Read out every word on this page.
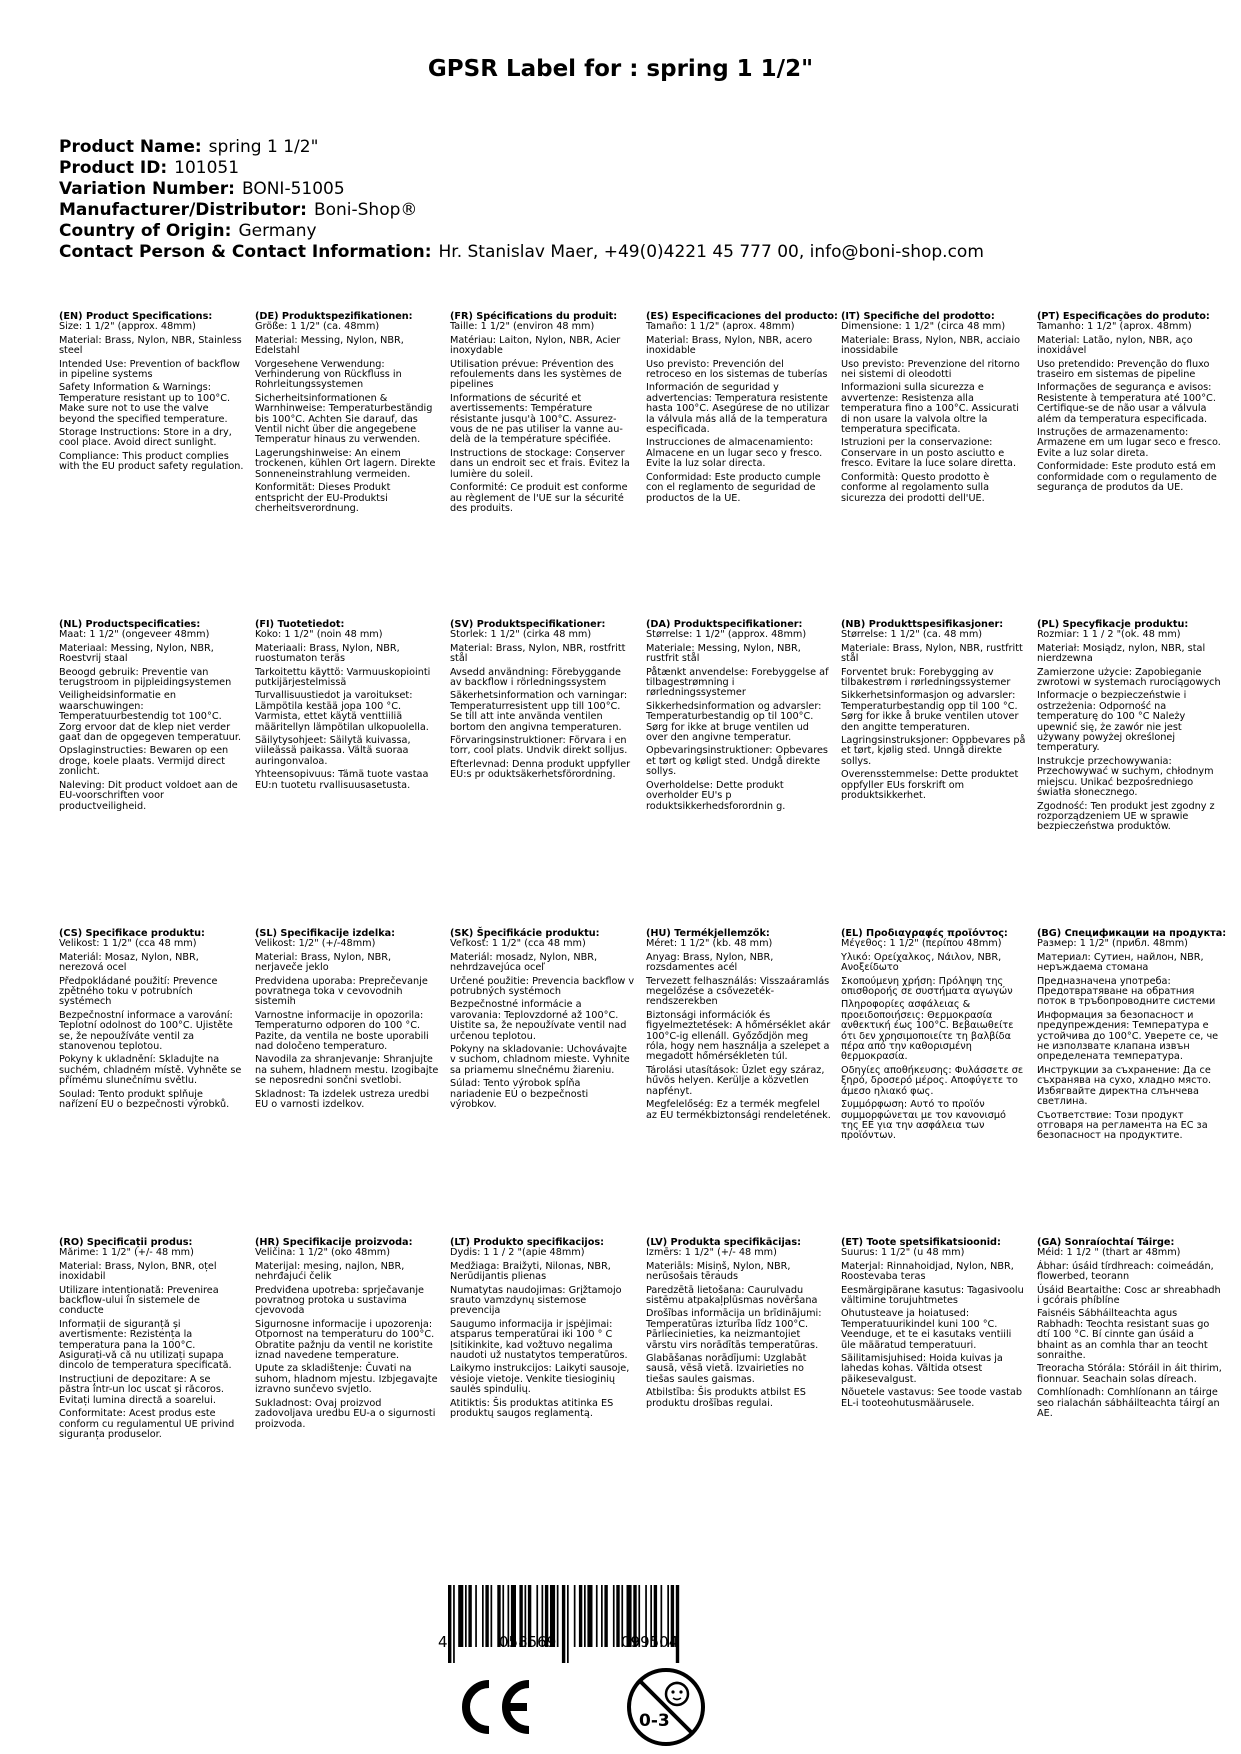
GPSR Label for : spring 1 1/2"
Product Name: spring 1 1/2"
Product ID: 101051
Variation Number: BONI-51005
Manufacturer/Distributor: Boni-Shop®
Country of Origin: Germany
Contact Person & Contact Information: Hr. Stanislav Maer, +49(0)4221 45 777 00, info@boni-shop.com
(EN) Product Specifications:
Size: 1 1/2" (approx. 48mm)
Material: Brass, Nylon, NBR, Stainless steel
Intended Use: Prevention of backflow in pipeline systems
Safety Information & Warnings: Temperature resistant up to 100°C. Make sure not to use the valve beyond the specified temperature.
Storage Instructions: Store in a dry, cool place. Avoid direct sunlight.
Compliance: This product complies with the EU product safety regulation.
(DE) Produktspezifikationen:
Größe: 1 1/2" (ca. 48mm)
Material: Messing, Nylon, NBR, Edelstahl
Vorgesehene Verwendung: Verhinderung von Rückfluss in Rohrleitungssystemen
Sicherheitsinformationen & Warnhinweise: Temperaturbeständig bis 100°C. Achten Sie darauf, das Ventil nicht über die angegebene Temperatur hinaus zu verwenden.
Lagerungshinweise: An einem trockenen, kühlen Ort lagern. Direkte Sonneneinstrahlung vermeiden.
Konformität: Dieses Produkt entspricht der EU-Produktsi cherheitsverordnung.
(FR) Spécifications du produit:
Taille: 1 1/2" (environ 48 mm)
Matériau: Laiton, Nylon, NBR, Acier inoxydable
Utilisation prévue: Prévention des refoulements dans les systèmes de pipelines
Informations de sécurité et avertissements: Température résistante jusqu'à 100°C. Assurez-vous de ne pas utiliser la vanne au-delà de la température spécifiée.
Instructions de stockage: Conserver dans un endroit sec et frais. Évitez la lumière du soleil.
Conformité: Ce produit est conforme au règlement de l'UE sur la sécurité des produits.
(ES) Especificaciones del producto:
Tamaño: 1 1/2" (aprox. 48mm)
Material: Brass, Nylon, NBR, acero inoxidable
Uso previsto: Prevención del retroceso en los sistemas de tuberías
Información de seguridad y advertencias: Temperatura resistente hasta 100°C. Asegúrese de no utilizar la válvula más allá de la temperatura especificada.
Instrucciones de almacenamiento: Almacene en un lugar seco y fresco. Evite la luz solar directa.
Conformidad: Este producto cumple con el reglamento de seguridad de productos de la UE.
(IT) Specifiche del prodotto:
Dimensione: 1 1/2" (circa 48 mm)
Materiale: Brass, Nylon, NBR, acciaio inossidabile
Uso previsto: Prevenzione del ritorno nei sistemi di oleodotti
Informazioni sulla sicurezza e avvertenze: Resistenza alla temperatura fino a 100°C. Assicurati di non usare la valvola oltre la temperatura specificata.
Istruzioni per la conservazione: Conservare in un posto asciutto e fresco. Evitare la luce solare diretta.
Conformità: Questo prodotto è conforme al regolamento sulla sicurezza dei prodotti dell'UE.
(PT) Especificações do produto:
Tamanho: 1 1/2" (aprox. 48mm)
Material: Latão, nylon, NBR, aço inoxidável
Uso pretendido: Prevenção do fluxo traseiro em sistemas de pipeline
Informações de segurança e avisos: Resistente à temperatura até 100°C. Certifique-se de não usar a válvula além da temperatura especificada.
Instruções de armazenamento: Armazene em um lugar seco e fresco. Evite a luz solar direta.
Conformidade: Este produto está em conformidade com o regulamento de segurança de produtos da UE.
(NL) Productspecificaties:
Maat: 1 1/2" (ongeveer 48mm)
Materiaal: Messing, Nylon, NBR, Roestvrij staal
Beoogd gebruik: Preventie van terugstroom in pijpleidingsystemen
Veiligheidsinformatie en waarschuwingen: Temperatuurbestendig tot 100°C. Zorg ervoor dat de klep niet verder gaat dan de opgegeven temperatuur.
Opslaginstructies: Bewaren op een droge, koele plaats. Vermijd direct zonlicht.
Naleving: Dit product voldoet aan de EU-voorschriften voor productveiligheid.
(FI) Tuotetiedot:
Koko: 1 1/2" (noin 48 mm)
Materiaali: Brass, Nylon, NBR, ruostumaton teräs
Tarkoitettu käyttö: Varmuuskopiointi putkijärjestelmissä
Turvallisuustiedot ja varoitukset: Lämpötila kestää jopa 100 °C. Varmista, ettet käytä venttiiliä määritellyn lämpötilan ulkopuolella.
Säilytysohjeet: Säilytä kuivassa, viileässä paikassa. Vältä suoraa auringonvaloa.
Yhteensopivuus: Tämä tuote vastaa EU:n tuotetu rvallisuusasetusta.
(SV) Produktspecifikationer:
Storlek: 1 1/2" (cirka 48 mm)
Material: Brass, Nylon, NBR, rostfritt stål
Avsedd användning: Förebyggande av backflow i rörledningssystem
Säkerhetsinformation och varningar: Temperaturresistent upp till 100°C. Se till att inte använda ventilen bortom den angivna temperaturen.
Förvaringsinstruktioner: Förvara i en torr, cool plats. Undvik direkt solljus.
Efterlevnad: Denna produkt uppfyller EU:s pr oduktsäkerhetsförordning.
(DA) Produktspecifikationer:
Størrelse: 1 1/2" (approx. 48mm)
Materiale: Messing, Nylon, NBR, rustfrit stål
Påtænkt anvendelse: Forebyggelse af tilbagestrømning i rørledningssystemer
Sikkerhedsinformation og advarsler: Temperaturbestandig op til 100°C. Sørg for ikke at bruge ventilen ud over den angivne temperatur.
Opbevaringsinstruktioner: Opbevares et tørt og køligt sted. Undgå direkte sollys.
Overholdelse: Dette produkt overholder EU's p roduktsikkerhedsforordnin g.
(NB) Produkttspesifikasjoner:
Størrelse: 1 1/2" (ca. 48 mm)
Materiale: Brass, Nylon, NBR, rustfritt stål
Forventet bruk: Forebygging av tilbakestrøm i rørledningssystemer
Sikkerhetsinformasjon og advarsler: Temperaturbestandig opp til 100 °C. Sørg for ikke å bruke ventilen utover den angitte temperaturen.
Lagringsinstruksjoner: Oppbevares på et tørt, kjølig sted. Unngå direkte sollys.
Overensstemmelse: Dette produktet oppfyller EUs forskrift om produktsikkerhet.
(PL) Specyfikacje produktu:
Rozmiar: 1 1 / 2 "(ok. 48 mm)
Materiał: Mosiądz, nylon, NBR, stal nierdzewna
Zamierzone użycie: Zapobieganie zwrotowi w systemach rurociągowych
Informacje o bezpieczeństwie i ostrzeżenia: Odporność na temperaturę do 100 °C Należy upewnić się, że zawór nie jest używany powyżej określonej temperatury.
Instrukcje przechowywania: Przechowywać w suchym, chłodnym miejscu. Unikać bezpośredniego światła słonecznego.
Zgodność: Ten produkt jest zgodny z rozporządzeniem UE w sprawie bezpieczeństwa produktów.
(CS) Specifikace produktu:
Velikost: 1 1/2" (cca 48 mm)
Materiál: Mosaz, Nylon, NBR, nerezová ocel
Předpokládané použití: Prevence zpětného toku v potrubních systémech
Bezpečnostní informace a varování: Teplotní odolnost do 100°C. Ujistěte se, že nepoužíváte ventil za stanovenou teplotou.
Pokyny k ukladnění: Skladujte na suchém, chladném místě. Vyhněte se přímému slunečnímu světlu.
Soulad: Tento produkt splňuje nařízení EU o bezpečnosti výrobků.
(SL) Specifikacije izdelka:
Velikost: 1/2" (+/-48mm)
Material: Brass, Nylon, NBR, nerjaveče jeklo
Predvidena uporaba: Preprečevanje povratnega toka v cevovodnih sistemih
Varnostne informacije in opozorila: Temperaturno odporen do 100 °C. Pazite, da ventila ne boste uporabili nad določeno temperaturo.
Navodila za shranjevanje: Shranjujte na suhem, hladnem mestu. Izogibajte se neposredni sončni svetlobi.
Skladnost: Ta izdelek ustreza uredbi EU o varnosti izdelkov.
(SK) Špecifikácie produktu:
Veľkosť: 1 1/2" (cca 48 mm)
Materiál: mosadz, Nylon, NBR, nehrdzavejúca oceľ
Určené použitie: Prevencia backflow v potrubných systémoch
Bezpečnostné informácie a varovania: Teplovzdorné až 100°C. Uistite sa, že nepoužívate ventil nad určenou teplotou.
Pokyny na skladovanie: Uchovávajte v suchom, chladnom mieste. Vyhnite sa priamemu slnečnému žiareniu.
Súlad: Tento výrobok spĺňa nariadenie EÚ o bezpečnosti výrobkov.
(HU) Termékjellemzők:
Méret: 1 1/2" (kb. 48 mm)
Anyag: Brass, Nylon, NBR, rozsdamentes acél
Tervezett felhasználás: Visszaáramlás megelőzése a csővezeték-rendszerekben
Biztonsági információk és figyelmeztetések: A hőmérséklet akár 100°C-ig ellenáll. Győződjön meg róla, hogy nem használja a szelepet a megadott hőmérsékleten túl.
Tárolási utasítások: Üzlet egy száraz, hűvös helyen. Kerülje a közvetlen napfényt.
Megfelelőség: Ez a termék megfelel az EU termékbiztonsági rendeletének.
(EL) Προδιαγραφές προϊόντος:
Μέγεθος: 1 1/2" (περίπου 48mm)
Υλικό: Ορείχαλκος, Νάιλον, NBR, Ανοξείδωτο
Σκοπούμενη χρήση: Πρόληψη της οπισθοροής σε συστήματα αγωγών
Πληροφορίες ασφάλειας & προειδοποιήσεις: Θερμοκρασία ανθεκτική έως 100°C. Βεβαιωθείτε ότι δεν χρησιμοποιείτε τη βαλβίδα πέρα από την καθορισμένη θερμοκρασία.
Οδηγίες αποθήκευσης: Φυλάσσετε σε ξηρό, δροσερό μέρος. Αποφύγετε το άμεσο ηλιακό φως.
Συμμόρφωση: Αυτό το προϊόν συμμορφώνεται με τον κανονισμό της ΕΕ για την ασφάλεια των προϊόντων.
(BG) Спецификации на продукта:
Размер: 1 1/2" (прибл. 48mm)
Материал: Сутиен, найлон, NBR, неръждаема стомана
Предназначена употреба: Предотвратяване на обратния поток в тръбопроводните системи
Информация за безопасност и предупреждения: Температура е устойчива до 100°C. Уверете се, че не използвате клапана извън определената температура.
Инструкции за съхранение: Да се съхранява на сухо, хладно място. Избягвайте директна слънчева светлина.
Съответствие: Този продукт отговаря на регламента на ЕС за безопасност на продуктите.
(RO) Specificații produs:
Mărime: 1 1/2" (+/- 48 mm)
Material: Brass, Nylon, BNR, oțel inoxidabil
Utilizare intenționată: Prevenirea backflow-ului în sistemele de conducte
Informații de siguranță și avertismente: Rezistența la temperatura pana la 100°C. Asigurați-vă că nu utilizați supapa dincolo de temperatura specificată.
Instrucțiuni de depozitare: A se păstra într-un loc uscat și răcoros. Evitați lumina directă a soarelui.
Conformitate: Acest produs este conform cu regulamentul UE privind siguranța produselor.
(HR) Specifikacije proizvoda:
Veličina: 1 1/2" (oko 48mm)
Materijal: mesing, najlon, NBR, nehrđajući čelik
Predviđena upotreba: sprječavanje povratnog protoka u sustavima cjevovoda
Sigurnosne informacije i upozorenja: Otpornost na temperaturu do 100°C. Obratite pažnju da ventil ne koristite iznad navedene temperature.
Upute za skladištenje: Čuvati na suhom, hladnom mjestu. Izbjegavajte izravno sunčevo svjetlo.
Sukladnost: Ovaj proizvod zadovoljava uredbu EU-a o sigurnosti proizvoda.
(LT) Produkto specifikacijos:
Dydis: 1 1 / 2 "(apie 48mm)
Medžiaga: Braižyti, Nilonas, NBR, Nerūdijantis plienas
Numatytas naudojimas: Grįžtamojo srauto vamzdynų sistemose prevencija
Saugumo informacija ir įspėjimai: atsparus temperatūrai iki 100 ° C Įsitikinkite, kad vožtuvo negalima naudoti už nustatytos temperatūros.
Laikymo instrukcijos: Laikyti sausoje, vėsioje vietoje. Venkite tiesioginių saulės spindulių.
Atitiktis: Šis produktas atitinka ES produktų saugos reglamentą.
(LV) Produkta specifikācijas:
Izmērs: 1 1/2" (+/- 48 mm)
Materiāls: Misiņš, Nylon, NBR, nerūsošais tērauds
Paredzētā lietošana: Caurulvadu sistēmu atpakaļplūsmas novēršana
Drošības informācija un brīdinājumi: Temperatūras izturība līdz 100°C. Pārliecinieties, ka neizmantojiet vārstu virs norādītās temperatūras.
Glabāšanas norādījumi: Uzglabāt sausā, vēsā vietā. Izvairieties no tiešas saules gaismas.
Atbilstība: Šis produkts atbilst ES produktu drošības regulai.
(ET) Toote spetsifikatsioonid:
Suurus: 1 1/2" (u 48 mm)
Materjal: Rinnahoidjad, Nylon, NBR, Roostevaba teras
Eesmärgipärane kasutus: Tagasivoolu vältimine torujuhtmetes
Ohutusteave ja hoiatused: Temperatuurikindel kuni 100 °C. Veenduge, et te ei kasutaks ventiili üle määratud temperatuuri.
Säilitamisjuhised: Hoida kuivas ja lahedas kohas. Vältida otsest päikesevalgust.
Nõuetele vastavus: See toode vastab EL-i tooteohutusmäärusele.
(GA) Sonraíochtaí Táirge:
Méid: 1 1/2 " (thart ar 48mm)
Ábhar: úsáid tírdhreach: coimeádán, flowerbed, teorann
Úsáid Beartaithe: Cosc ar shreabhadh i gcórais phíblíne
Faisnéis Sábháilteachta agus Rabhadh: Teochta resistant suas go dtí 100 °C. Bí cinnte gan úsáid a bhaint as an comhla thar an teocht sonraithe.
Treoracha Stórála: Stóráil in áit thirim, fionnuar. Seachain solas díreach.
Comhlíonadh: Comhlíonann an táirge seo rialachán sábháilteachta táirgí an AE.
4	058569	099504
0-3
